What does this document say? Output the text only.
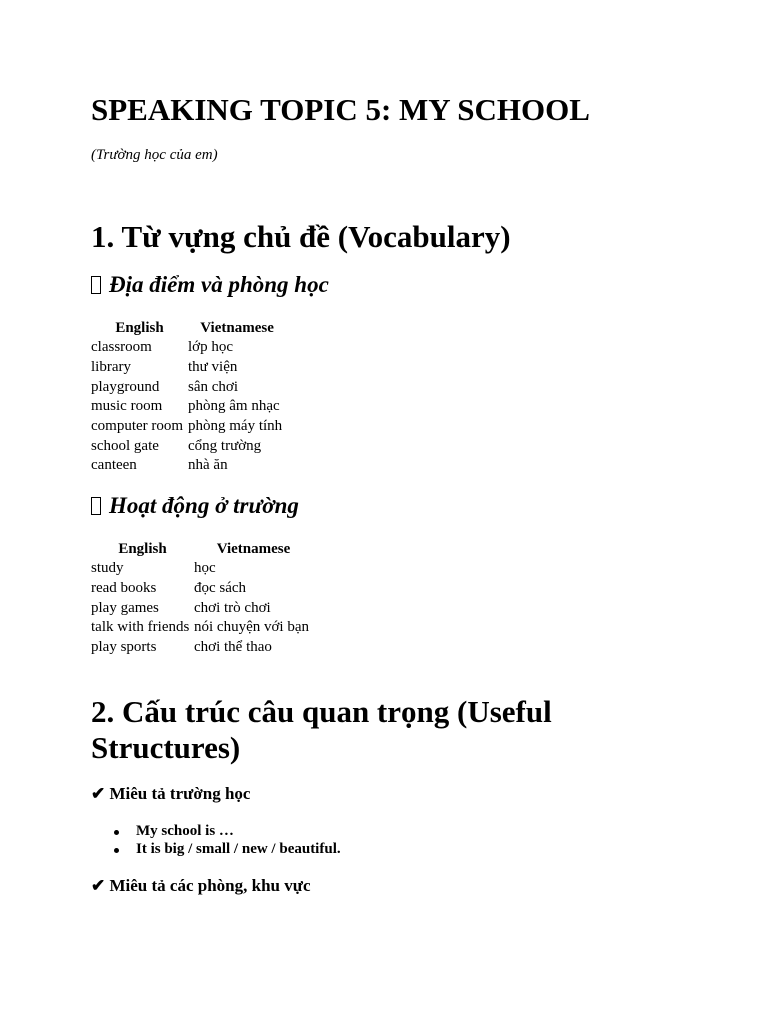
SPEAKING TOPIC 5: MY SCHOOL

(Trường học của em)

1. Từ vựng chủ đề (Vocabulary)
Địa điểm và phòng học
English	Vietnamese
classroom	lớp học
library	thư viện
playground	sân chơi
music room	phòng âm nhạc
computer room	phòng máy tính
school gate	cổng trường
canteen	nhà ăn
Hoạt động ở trường
English	Vietnamese
study	học
read books	đọc sách
play games	chơi trò chơi
talk with friends	nói chuyện với bạn
play sports	chơi thể thao
2. Cấu trúc câu quan trọng (Useful
Structures)

✔ Miêu tả trường học

My school is …
It is big / small / new / beautiful.

✔ Miêu tả các phòng, khu vực
